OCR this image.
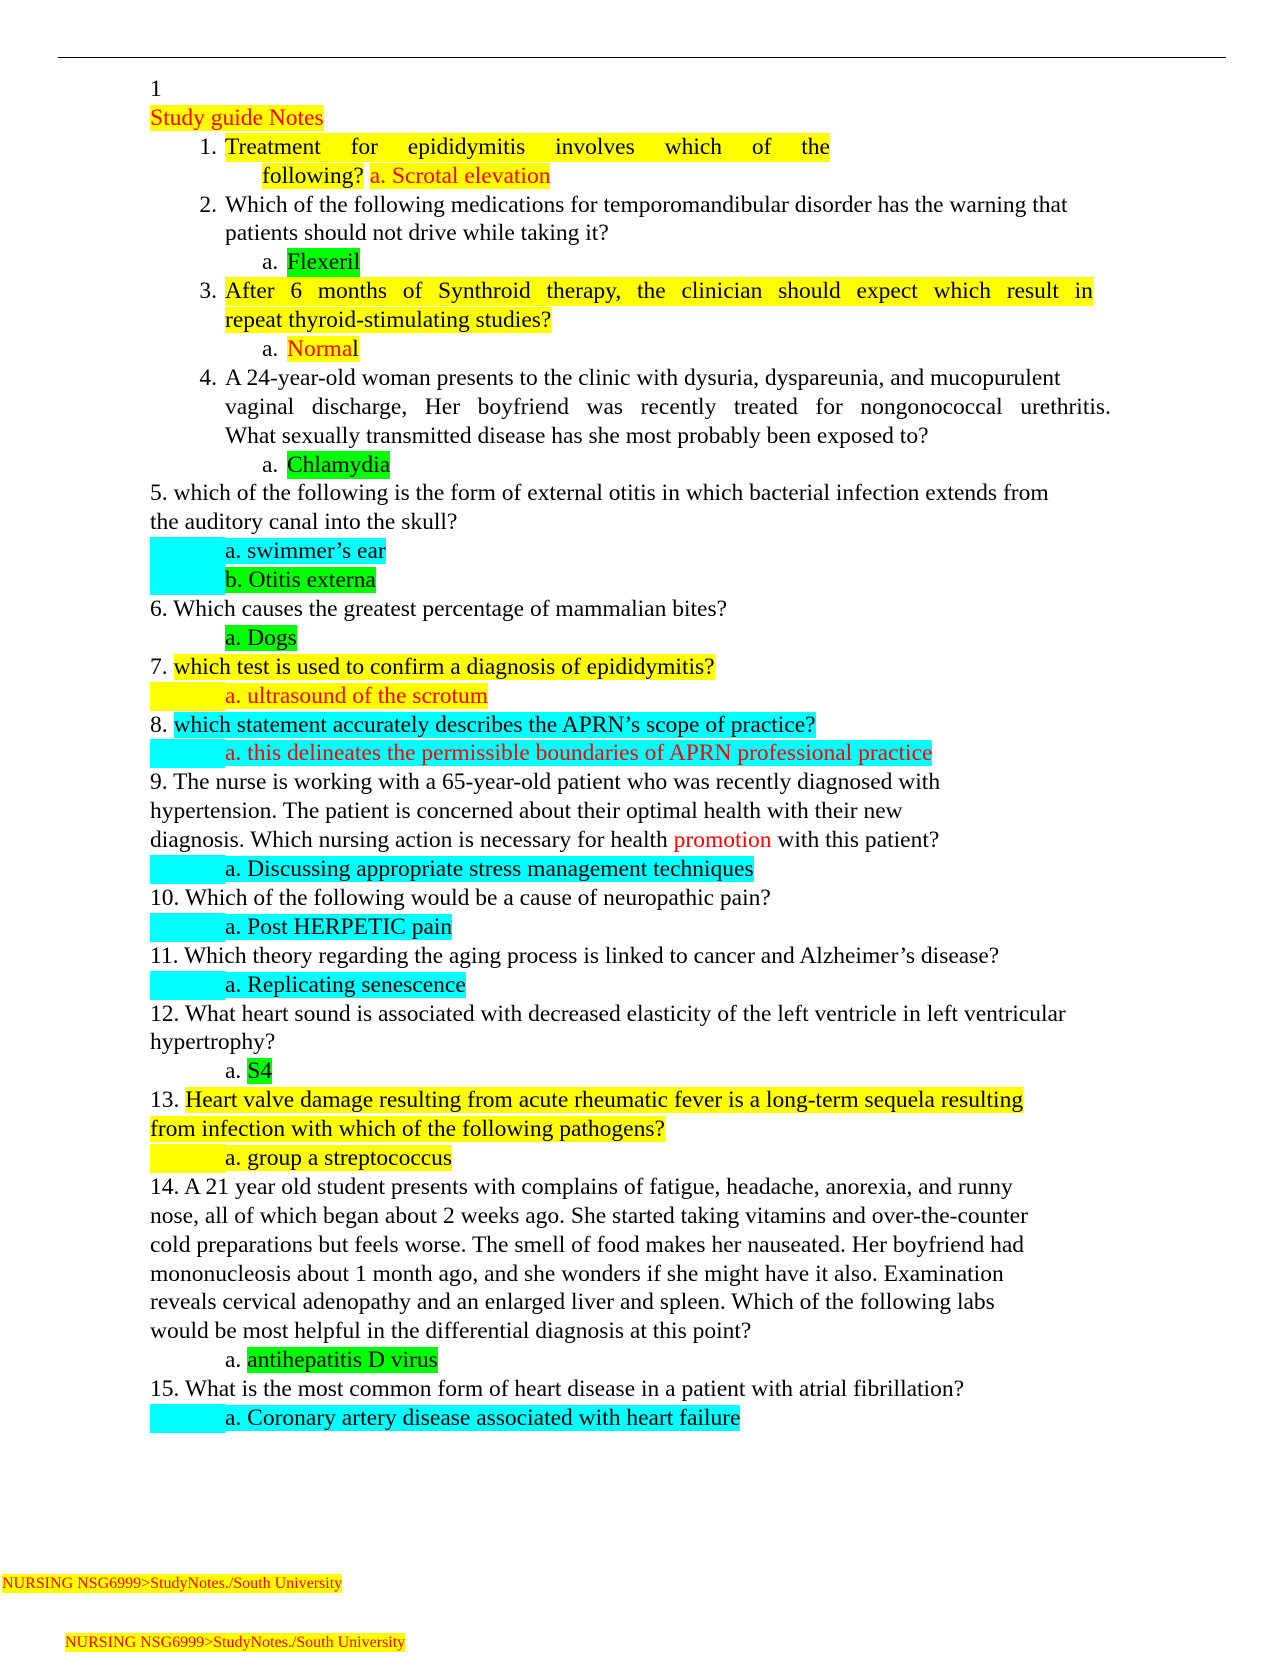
1
Study guide Notes
1. Treatment for epididymitis involves which of the
following? a. Scrotal elevation
2. Which of the following medications for temporomandibular disorder has the warning that
patients should not drive while taking it?
a. Flexeril
3. After 6 months of Synthroid therapy, the clinician should expect which result in
repeat thyroid-stimulating studies?
a. Normal
4. A 24-year-old woman presents to the clinic with dysuria, dyspareunia, and mucopurulent
vaginal discharge, Her boyfriend was recently treated for nongonococcal urethritis.
What sexually transmitted disease has she most probably been exposed to?
a. Chlamydia
5. which of the following is the form of external otitis in which bacterial infection extends from
the auditory canal into the skull?
a. swimmer’s ear
b. Otitis externa
6. Which causes the greatest percentage of mammalian bites?
a. Dogs
7. which test is used to confirm a diagnosis of epididymitis?
a. ultrasound of the scrotum
8. which statement accurately describes the APRN’s scope of practice?
a. this delineates the permissible boundaries of APRN professional practice
9. The nurse is working with a 65-year-old patient who was recently diagnosed with
hypertension. The patient is concerned about their optimal health with their new
diagnosis. Which nursing action is necessary for health promotion with this patient?
a. Discussing appropriate stress management techniques
10. Which of the following would be a cause of neuropathic pain?
a. Post HERPETIC pain
11. Which theory regarding the aging process is linked to cancer and Alzheimer’s disease?
a. Replicating senescence
12. What heart sound is associated with decreased elasticity of the left ventricle in left ventricular
hypertrophy?
a. S4
13. Heart valve damage resulting from acute rheumatic fever is a long-term sequela resulting
from infection with which of the following pathogens?
a. group a streptococcus
14. A 21 year old student presents with complains of fatigue, headache, anorexia, and runny
nose, all of which began about 2 weeks ago. She started taking vitamins and over-the-counter
cold preparations but feels worse. The smell of food makes her nauseated. Her boyfriend had
mononucleosis about 1 month ago, and she wonders if she might have it also. Examination
reveals cervical adenopathy and an enlarged liver and spleen. Which of the following labs
would be most helpful in the differential diagnosis at this point?
a. antihepatitis D virus
15. What is the most common form of heart disease in a patient with atrial fibrillation?
a. Coronary artery disease associated with heart failure
NURSING NSG6999>StudyNotes./South University
NURSING NSG6999>StudyNotes./South University
